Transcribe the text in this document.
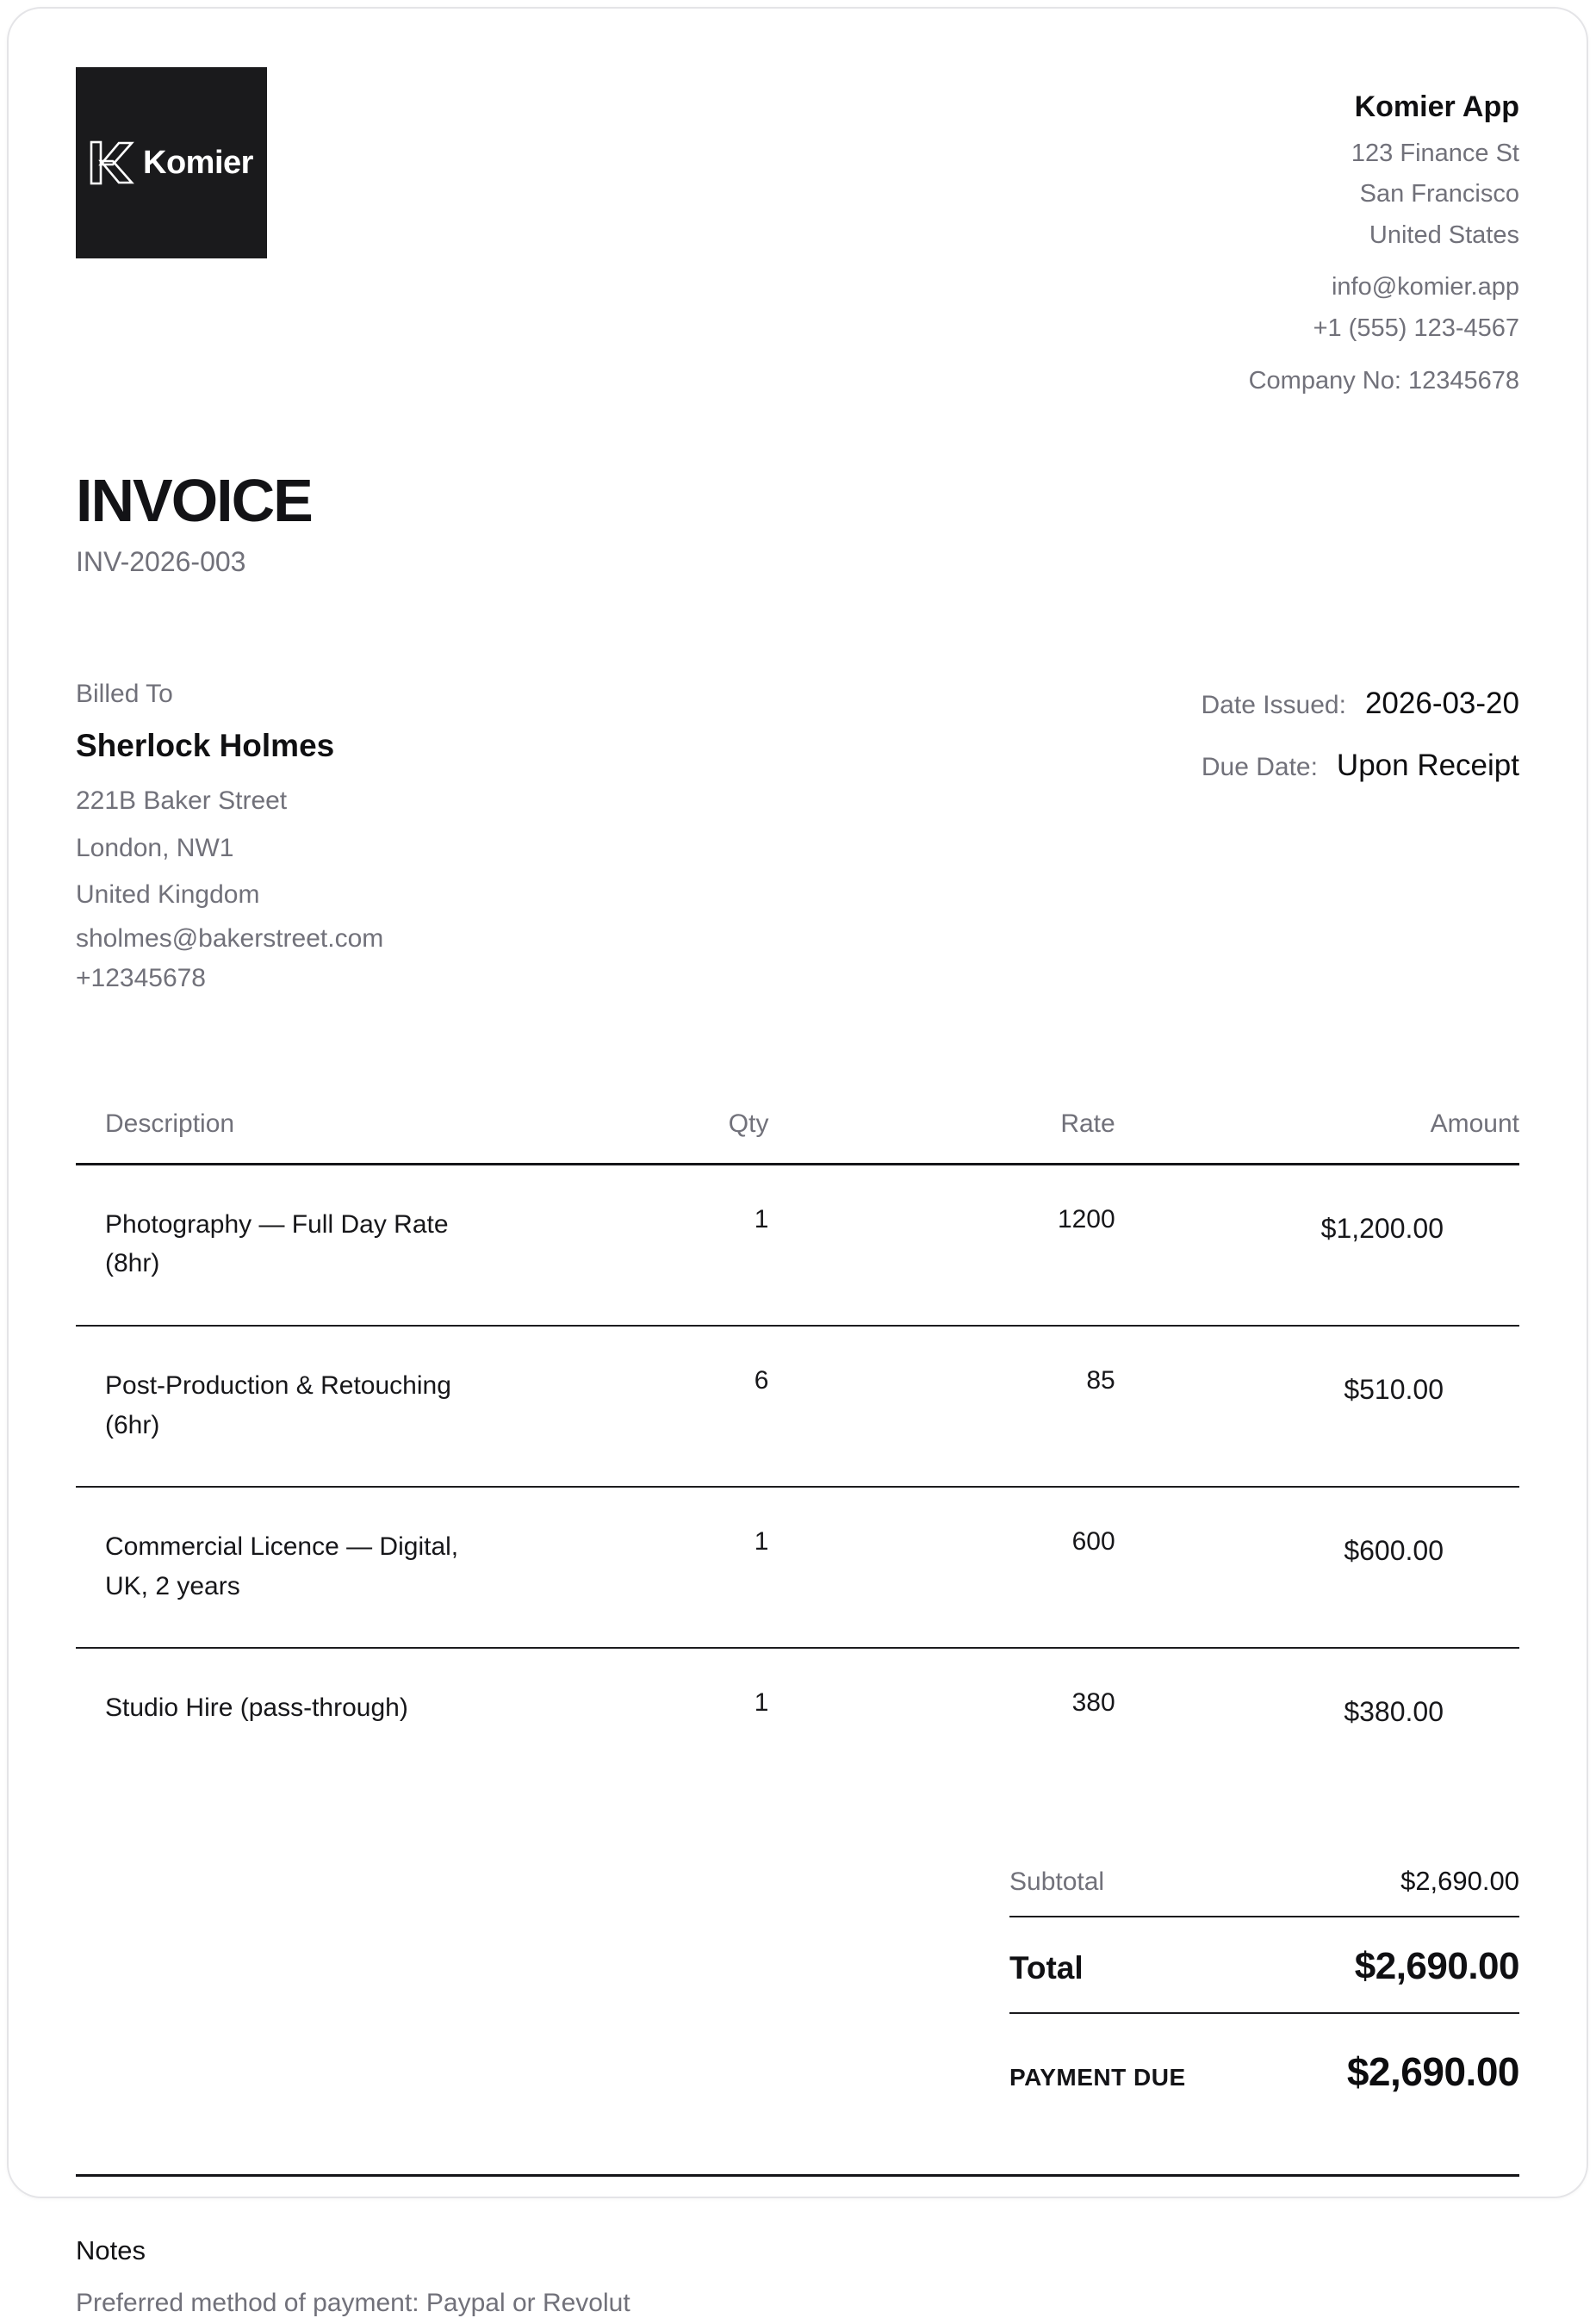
Komier
Komier App
123 Finance St
San Francisco
United States
info@komier.app
+1 (555) 123-4567
Company No: 12345678
INVOICE
INV-2026-003
Billed To
Sherlock Holmes
221B Baker Street
London, NW1
United Kingdom
sholmes@bakerstreet.com
+12345678
Date Issued: 2026-03-20
Due Date: Upon Receipt
Description	Qty	Rate	Amount

Photography — Full Day Rate (8hr)	1	1200	$1,200.00

Post-Production & Retouching (6hr)	6	85	$510.00

Commercial Licence — Digital, UK, 2 years	1	600	$600.00

Studio Hire (pass-through)	1	380	$380.00
Subtotal	$2,690.00
Total	$2,690.00
PAYMENT DUE	$2,690.00
Notes
Preferred method of payment: Paypal or Revolut
